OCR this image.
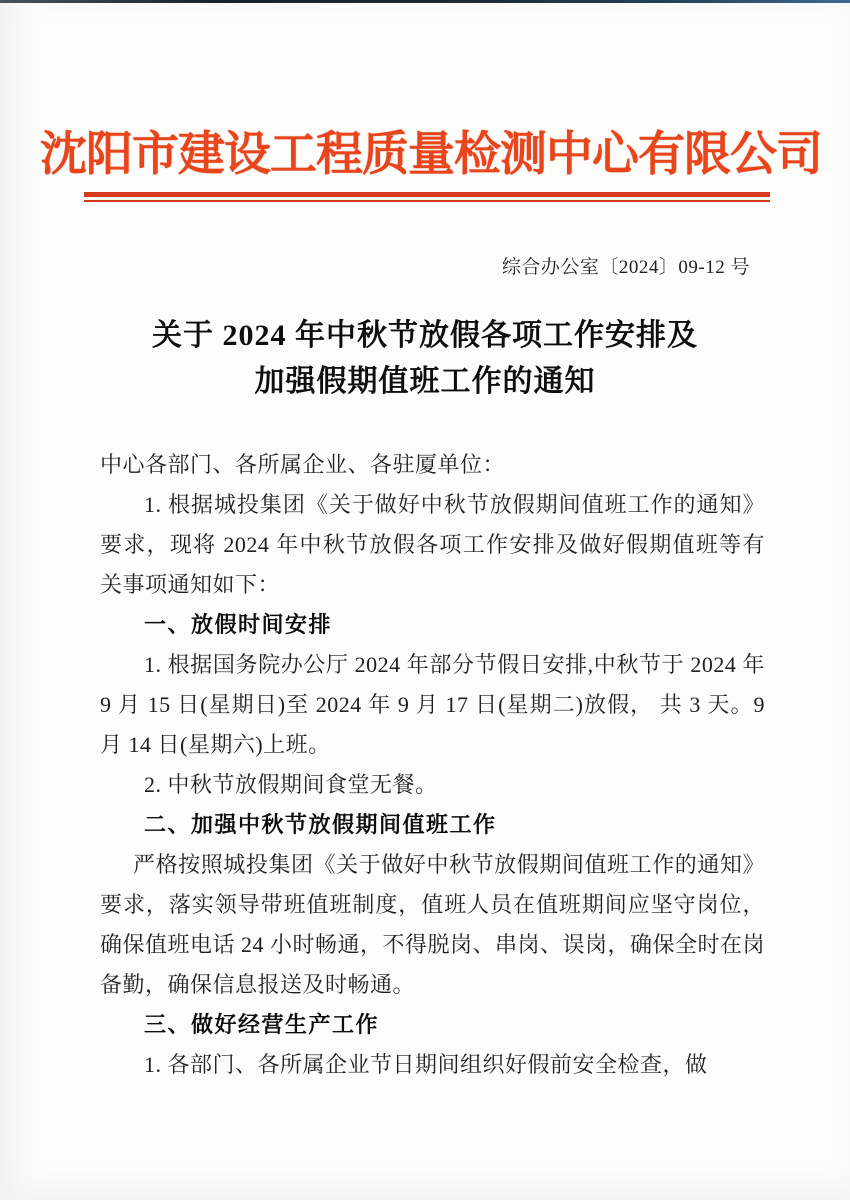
沈阳市建设工程质量检测中心有限公司
综合办公室〔2024〕09-12 号
关于 2024 年中秋节放假各项工作安排及
加强假期值班工作的通知

中心各部门、各所属企业、各驻厦单位：

1. 根据城投集团《关于做好中秋节放假期间值班工作的通知》要求，现将 2024 年中秋节放假各项工作安排及做好假期值班等有关事项通知如下：

一、放假时间安排

1. 根据国务院办公厅 2024 年部分节假日安排,中秋节于 2024 年 9 月 15 日(星期日)至 2024 年 9 月 17 日(星期二)放假， 共 3 天。9 月 14 日(星期六)上班。

2. 中秋节放假期间食堂无餐。

二、加强中秋节放假期间值班工作

严格按照城投集团《关于做好中秋节放假期间值班工作的通知》要求，落实领导带班值班制度，值班人员在值班期间应坚守岗位，确保值班电话 24 小时畅通，不得脱岗、串岗、误岗，确保全时在岗备勤，确保信息报送及时畅通。

三、做好经营生产工作

1. 各部门、各所属企业节日期间组织好假前安全检查，做
